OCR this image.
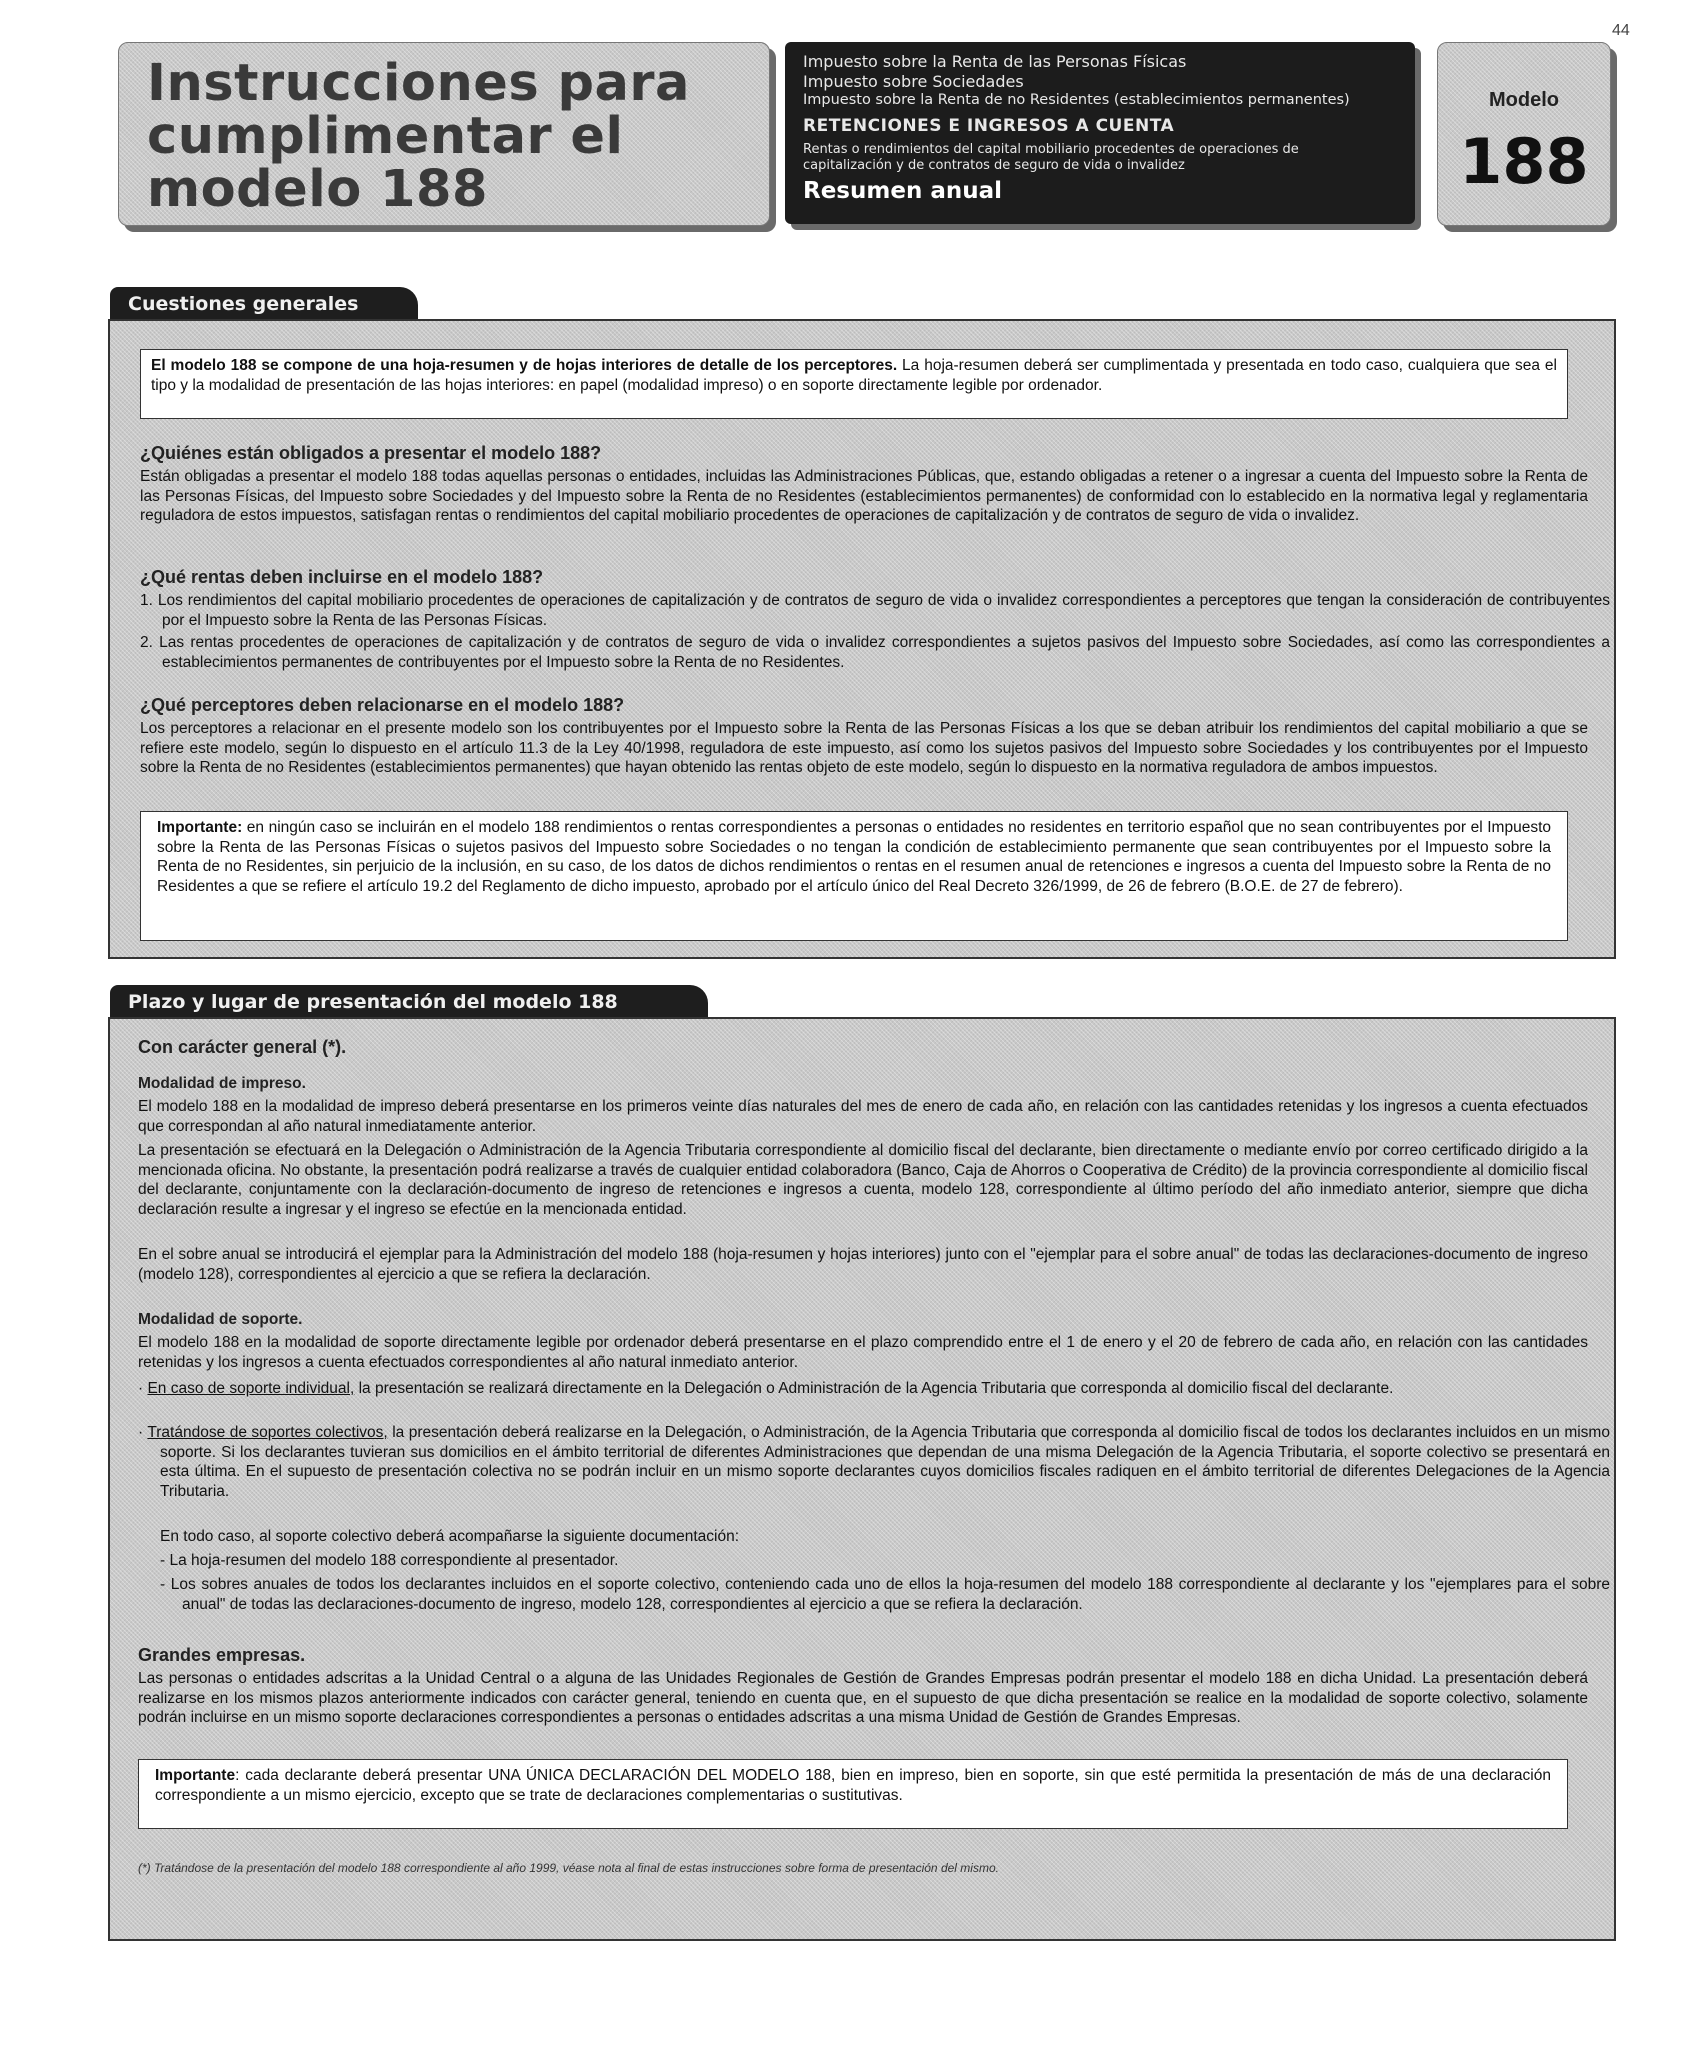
44
Instrucciones para
cumplimentar el
modelo 188
Impuesto sobre la Renta de las Personas Físicas
Impuesto sobre Sociedades
Impuesto sobre la Renta de no Residentes (establecimientos permanentes)
RETENCIONES E INGRESOS A CUENTA
Rentas o rendimientos del capital mobiliario procedentes de operaciones de
capitalización y de contratos de seguro de vida o invalidez
Resumen anual
Modelo
188
Cuestiones generales
El modelo 188 se compone de una hoja-resumen y de hojas interiores de detalle de los perceptores. La hoja-resumen deberá ser cumplimentada y presentada en todo caso, cualquiera que sea el tipo y la modalidad de presentación de las hojas interiores: en papel (modalidad impreso) o en soporte directamente legible por ordenador.
¿Quiénes están obligados a presentar el modelo 188?
Están obligadas a presentar el modelo 188 todas aquellas personas o entidades, incluidas las Administraciones Públicas, que, estando obligadas a retener o a ingresar a cuenta del Impuesto sobre la Renta de las Personas Físicas, del Impuesto sobre Sociedades y del Impuesto sobre la Renta de no Residentes (establecimientos permanentes) de conformidad con lo establecido en la normativa legal y reglamentaria reguladora de estos impuestos, satisfagan rentas o rendimientos del capital mobiliario procedentes de operaciones de capitalización y de contratos de seguro de vida o invalidez.
¿Qué rentas deben incluirse en el modelo 188?
1. Los rendimientos del capital mobiliario procedentes de operaciones de capitalización y de contratos de seguro de vida o invalidez correspondientes a perceptores que tengan la consideración de contribuyentes por el Impuesto sobre la Renta de las Personas Físicas.
2. Las rentas procedentes de operaciones de capitalización y de contratos de seguro de vida o invalidez correspondientes a sujetos pasivos del Impuesto sobre Sociedades, así como las correspondientes a establecimientos permanentes de contribuyentes por el Impuesto sobre la Renta de no Residentes.
¿Qué perceptores deben relacionarse en el modelo 188?
Los perceptores a relacionar en el presente modelo son los contribuyentes por el Impuesto sobre la Renta de las Personas Físicas a los que se deban atribuir los rendimientos del capital mobiliario a que se refiere este modelo, según lo dispuesto en el artículo 11.3 de la Ley 40/1998, reguladora de este impuesto, así como los sujetos pasivos del Impuesto sobre Sociedades y los contribuyentes por el Impuesto sobre la Renta de no Residentes (establecimientos permanentes) que hayan obtenido las rentas objeto de este modelo, según lo dispuesto en la normativa reguladora de ambos impuestos.
Importante: en ningún caso se incluirán en el modelo 188 rendimientos o rentas correspondientes a personas o entidades no residentes en territorio español que no sean contribuyentes por el Impuesto sobre la Renta de las Personas Físicas o sujetos pasivos del Impuesto sobre Sociedades o no tengan la condición de establecimiento permanente que sean contribuyentes por el Impuesto sobre la Renta de no Residentes, sin perjuicio de la inclusión, en su caso, de los datos de dichos rendimientos o rentas en el resumen anual de retenciones e ingresos a cuenta del Impuesto sobre la Renta de no Residentes a que se refiere el artículo 19.2 del Reglamento de dicho impuesto, aprobado por el artículo único del Real Decreto 326/1999, de 26 de febrero (B.O.E. de 27 de febrero).
Plazo y lugar de presentación del modelo 188
Con carácter general (*).
Modalidad de impreso.
El modelo 188 en la modalidad de impreso deberá presentarse en los primeros veinte días naturales del mes de enero de cada año, en relación con las cantidades retenidas y los ingresos a cuenta efectuados que correspondan al año natural inmediatamente anterior.
La presentación se efectuará en la Delegación o Administración de la Agencia Tributaria correspondiente al domicilio fiscal del declarante, bien directamente o mediante envío por correo certificado dirigido a la mencionada oficina. No obstante, la presentación podrá realizarse a través de cualquier entidad colaboradora (Banco, Caja de Ahorros o Cooperativa de Crédito) de la provincia correspondiente al domicilio fiscal del declarante, conjuntamente con la declaración-documento de ingreso de retenciones e ingresos a cuenta, modelo 128, correspondiente al último período del año inmediato anterior, siempre que dicha declaración resulte a ingresar y el ingreso se efectúe en la mencionada entidad.
En el sobre anual se introducirá el ejemplar para la Administración del modelo 188 (hoja-resumen y hojas interiores) junto con el "ejemplar para el sobre anual" de todas las declaraciones-documento de ingreso (modelo 128), correspondientes al ejercicio a que se refiera la declaración.
Modalidad de soporte.
El modelo 188 en la modalidad de soporte directamente legible por ordenador deberá presentarse en el plazo comprendido entre el 1 de enero y el 20 de febrero de cada año, en relación con las cantidades retenidas y los ingresos a cuenta efectuados correspondientes al año natural inmediato anterior.
· En caso de soporte individual, la presentación se realizará directamente en la Delegación o Administración de la Agencia Tributaria que corresponda al domicilio fiscal del declarante.
· Tratándose de soportes colectivos, la presentación deberá realizarse en la Delegación, o Administración, de la Agencia Tributaria que corresponda al domicilio fiscal de todos los declarantes incluidos en un mismo soporte. Si los declarantes tuvieran sus domicilios en el ámbito territorial de diferentes Administraciones que dependan de una misma Delegación de la Agencia Tributaria, el soporte colectivo se presentará en esta última. En el supuesto de presentación colectiva no se podrán incluir en un mismo soporte declarantes cuyos domicilios fiscales radiquen en el ámbito territorial de diferentes Delegaciones de la Agencia Tributaria.
En todo caso, al soporte colectivo deberá acompañarse la siguiente documentación:
- La hoja-resumen del modelo 188 correspondiente al presentador.
- Los sobres anuales de todos los declarantes incluidos en el soporte colectivo, conteniendo cada uno de ellos la hoja-resumen del modelo 188 correspondiente al declarante y los "ejemplares para el sobre anual" de todas las declaraciones-documento de ingreso, modelo 128, correspondientes al ejercicio a que se refiera la declaración.
Grandes empresas.
Las personas o entidades adscritas a la Unidad Central o a alguna de las Unidades Regionales de Gestión de Grandes Empresas podrán presentar el modelo 188 en dicha Unidad. La presentación deberá realizarse en los mismos plazos anteriormente indicados con carácter general, teniendo en cuenta que, en el supuesto de que dicha presentación se realice en la modalidad de soporte colectivo, solamente podrán incluirse en un mismo soporte declaraciones correspondientes a personas o entidades adscritas a una misma Unidad de Gestión de Grandes Empresas.
Importante: cada declarante deberá presentar UNA ÚNICA DECLARACIÓN DEL MODELO 188, bien en impreso, bien en soporte, sin que esté permitida la presentación de más de una declaración correspondiente a un mismo ejercicio, excepto que se trate de declaraciones complementarias o sustitutivas.
(*) Tratándose de la presentación del modelo 188 correspondiente al año 1999, véase nota al final de estas instrucciones sobre forma de presentación del mismo.
